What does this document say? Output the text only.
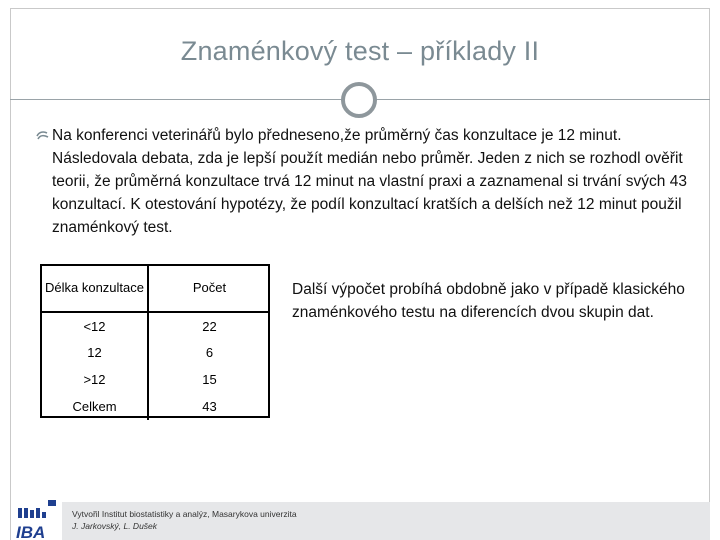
Znaménkový test – příklady II

Na konferenci veterinářů bylo předneseno,že průměrný čas konzultace je 12 minut. Následovala debata, zda je lepší použít medián nebo průměr. Jeden z nich se rozhodl ověřit teorii, že průměrná konzultace trvá 12 minut na vlastní praxi a zaznamenal si trvání svých 43 konzultací. K otestování hypotézy, že podíl konzultací kratších a delších než 12 minut použil znaménkový test.

Délka konzultace	Počet
<12	22
12	6
>12	15
Celkem	43

Další výpočet probíhá obdobně jako v případě klasického znaménkového testu na diferencích dvou skupin dat.

Vytvořil Institut biostatistiky a analýz, Masarykova univerzita
J. Jarkovský, L. Dušek
IBA
